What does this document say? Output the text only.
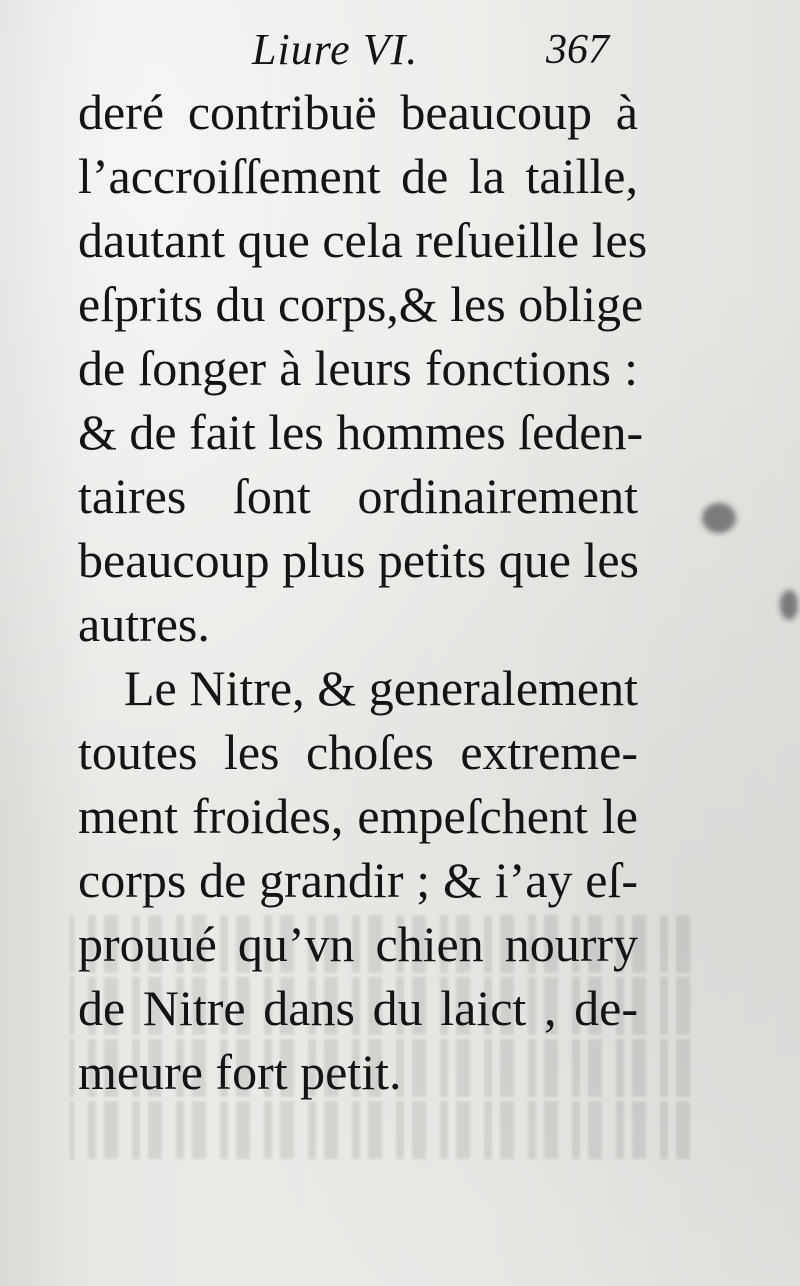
Liure VI.	367
deré contribuë beaucoup à
l’accroiſſement de la taille,
dautant que cela reſueille les
eſprits du corps,& les oblige
de ſonger à leurs fonctions :
& de fait les hommes ſeden-
taires ſont ordinairement
beaucoup plus petits que les
autres.
Le Nitre, & generalement
toutes les choſes extreme-
ment froides, empeſchent le
corps de grandir ; & i’ay eſ-
prouué qu’vn chien nourry
de Nitre dans du laict , de-
meure fort petit.
